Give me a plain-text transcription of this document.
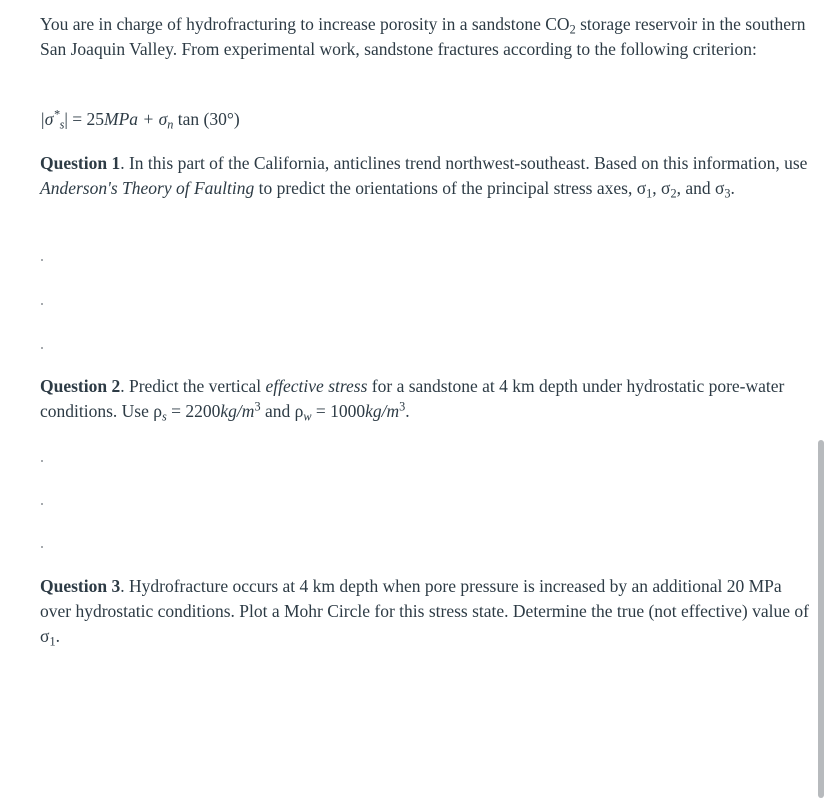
You are in charge of hydrofracturing to increase porosity in a sandstone $CO_2$ storage reservoir in the southern San Joaquin Valley. From experimental work, sandstone fractures according to the following criterion:

$|\sigma^*_s| = 25MPa + \sigma_n$ tan (30°)

Question 1. In this part of the California, anticlines trend northwest-southeast. Based on this information, use Anderson's Theory of Faulting to predict the orientations of the principal stress axes, $\sigma_1$, $\sigma_2$, and $\sigma_3$.

Question 2. Predict the vertical effective stress for a sandstone at 4 km depth under hydrostatic pore-water conditions. Use $\rho_s = 2200kg/m^3$ and $\rho_w = 1000kg/m^3$.

Question 3. Hydrofracture occurs at 4 km depth when pore pressure is increased by an additional 20 MPa over hydrostatic conditions. Plot a Mohr Circle for this stress state. Determine the true (not effective) value of $\sigma_1$.
